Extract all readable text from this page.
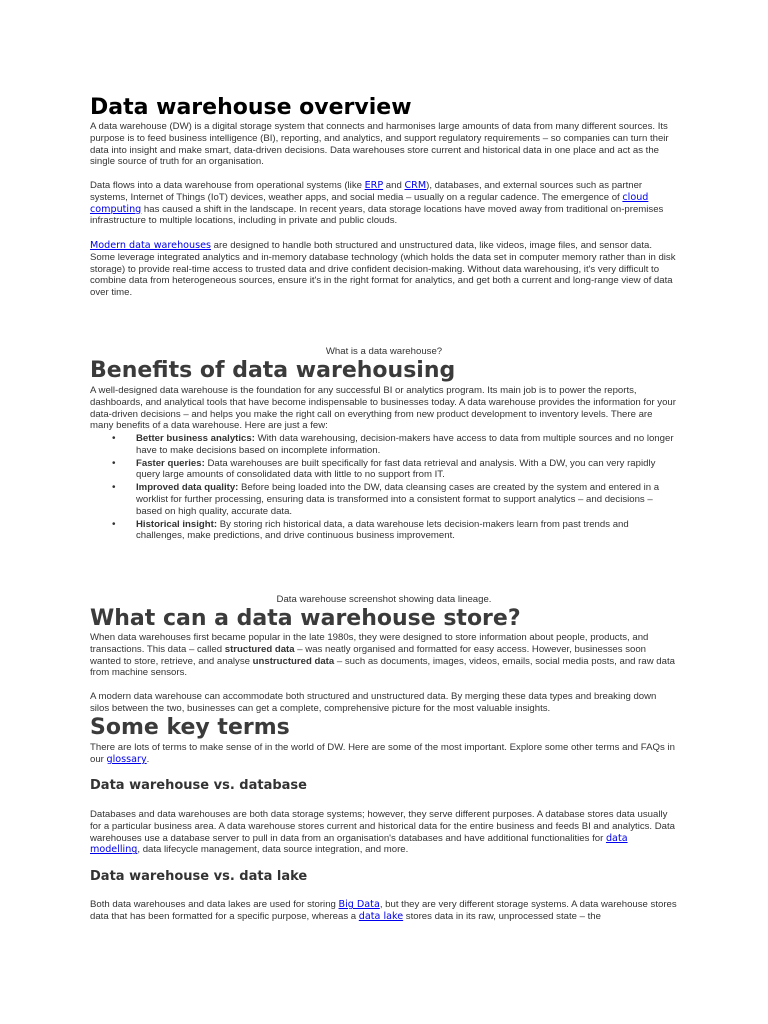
Data warehouse overview

A data warehouse (DW) is a digital storage system that connects and harmonises large amounts of data from many different sources. Its purpose is to feed business intelligence (BI), reporting, and analytics, and support regulatory requirements – so companies can turn their data into insight and make smart, data-driven decisions. Data warehouses store current and historical data in one place and act as the single source of truth for an organisation.

Data flows into a data warehouse from operational systems (like ERP and CRM), databases, and external sources such as partner systems, Internet of Things (IoT) devices, weather apps, and social media – usually on a regular cadence. The emergence of cloud computing has caused a shift in the landscape. In recent years, data storage locations have moved away from traditional on-premises infrastructure to multiple locations, including in private and public clouds.

Modern data warehouses are designed to handle both structured and unstructured data, like videos, image files, and sensor data. Some leverage integrated analytics and in-memory database technology (which holds the data set in computer memory rather than in disk storage) to provide real-time access to trusted data and drive confident decision-making. Without data warehousing, it's very difficult to combine data from heterogeneous sources, ensure it's in the right format for analytics, and get both a current and long-range view of data over time.

What is a data warehouse?
Benefits of data warehousing

A well-designed data warehouse is the foundation for any successful BI or analytics program. Its main job is to power the reports, dashboards, and analytical tools that have become indispensable to businesses today. A data warehouse provides the information for your data-driven decisions – and helps you make the right call on everything from new product development to inventory levels. There are many benefits of a data warehouse. Here are just a few:

• Better business analytics: With data warehousing, decision-makers have access to data from multiple sources and no longer have to make decisions based on incomplete information.
• Faster queries: Data warehouses are built specifically for fast data retrieval and analysis. With a DW, you can very rapidly query large amounts of consolidated data with little to no support from IT.
• Improved data quality: Before being loaded into the DW, data cleansing cases are created by the system and entered in a worklist for further processing, ensuring data is transformed into a consistent format to support analytics – and decisions – based on high quality, accurate data.
• Historical insight: By storing rich historical data, a data warehouse lets decision-makers learn from past trends and challenges, make predictions, and drive continuous business improvement.
Data warehouse screenshot showing data lineage.
What can a data warehouse store?

When data warehouses first became popular in the late 1980s, they were designed to store information about people, products, and transactions. This data – called structured data – was neatly organised and formatted for easy access. However, businesses soon wanted to store, retrieve, and analyse unstructured data – such as documents, images, videos, emails, social media posts, and raw data from machine sensors.

A modern data warehouse can accommodate both structured and unstructured data. By merging these data types and breaking down silos between the two, businesses can get a complete, comprehensive picture for the most valuable insights.

Some key terms

There are lots of terms to make sense of in the world of DW. Here are some of the most important. Explore some other terms and FAQs in our glossary.

Data warehouse vs. database

Databases and data warehouses are both data storage systems; however, they serve different purposes. A database stores data usually for a particular business area. A data warehouse stores current and historical data for the entire business and feeds BI and analytics. Data warehouses use a database server to pull in data from an organisation's databases and have additional functionalities for data modelling, data lifecycle management, data source integration, and more.

Data warehouse vs. data lake

Both data warehouses and data lakes are used for storing Big Data, but they are very different storage systems. A data warehouse stores data that has been formatted for a specific purpose, whereas a data lake stores data in its raw, unprocessed state – the
